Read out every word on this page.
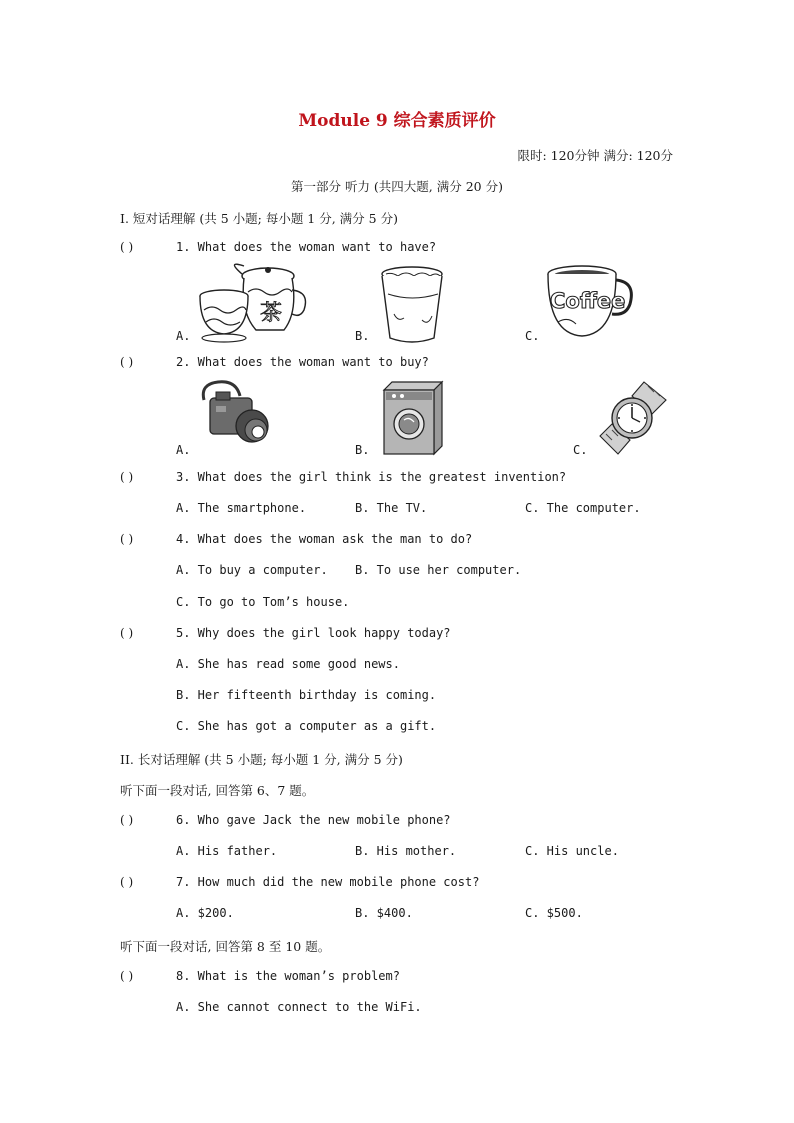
Module 9 综合素质评价
限时: 120分钟 满分: 120分
第一部分 听力 (共四大题, 满分 20 分)
I. 短对话理解 (共 5 小题; 每小题 1 分, 满分 5 分)
( )	1. What does the woman want to have?
茶
A.	B.
Coffee
C.
( )	2. What does the woman want to buy?
A.	B.	C.
( )	3. What does the girl think is the greatest invention?
A. The smartphone.	B. The TV.	C. The computer.
( )	4. What does the woman ask the man to do?
A. To buy a computer. B. To use her computer.
C. To go to Tom’s house.
( )	5. Why does the girl look happy today?
A. She has read some good news.
B. Her fifteenth birthday is coming.
C. She has got a computer as a gift.
II. 长对话理解 (共 5 小题; 每小题 1 分, 满分 5 分)
听下面一段对话, 回答第 6、7 题。
( )	6. Who gave Jack the new mobile phone?
A. His father.	B. His mother.	C. His uncle.
( )	7. How much did the new mobile phone cost?
A. $200.	B. $400.	C. $500.
听下面一段对话, 回答第 8 至 10 题。
( )	8. What is the woman’s problem?
A. She cannot connect to the WiFi.
